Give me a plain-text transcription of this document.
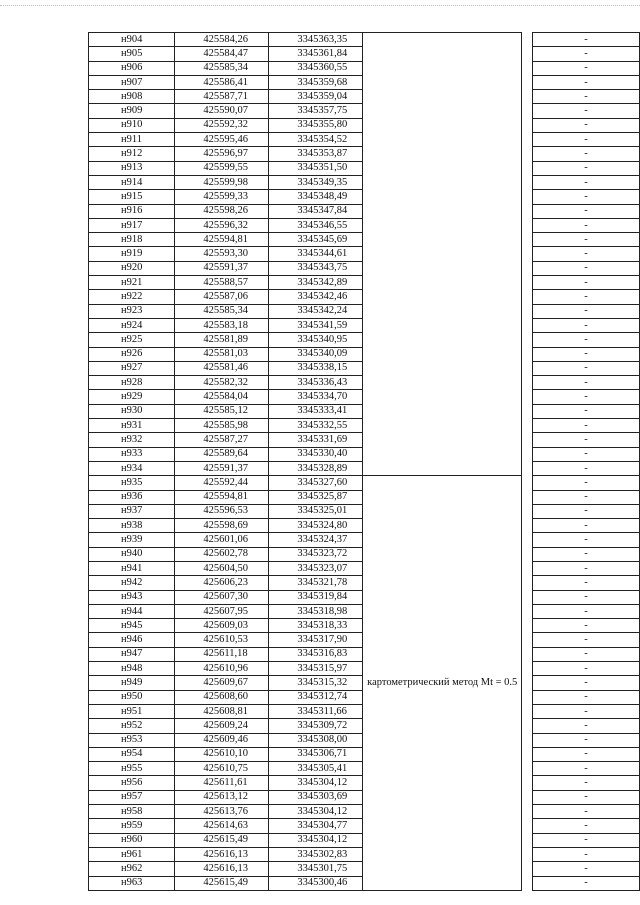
н904	425584,26	3345363,35			-
н905	425584,47	3345361,84			-
н906	425585,34	3345360,55			-
н907	425586,41	3345359,68			-
н908	425587,71	3345359,04			-
н909	425590,07	3345357,75			-
н910	425592,32	3345355,80			-
н911	425595,46	3345354,52			-
н912	425596,97	3345353,87			-
н913	425599,55	3345351,50			-
н914	425599,98	3345349,35			-
н915	425599,33	3345348,49			-
н916	425598,26	3345347,84			-
н917	425596,32	3345346,55			-
н918	425594,81	3345345,69			-
н919	425593,30	3345344,61			-
н920	425591,37	3345343,75			-
н921	425588,57	3345342,89			-
н922	425587,06	3345342,46			-
н923	425585,34	3345342,24			-
н924	425583,18	3345341,59			-
н925	425581,89	3345340,95			-
н926	425581,03	3345340,09			-
н927	425581,46	3345338,15			-
н928	425582,32	3345336,43			-
н929	425584,04	3345334,70			-
н930	425585,12	3345333,41			-
н931	425585,98	3345332,55			-
н932	425587,27	3345331,69			-
н933	425589,64	3345330,40			-
н934	425591,37	3345328,89			-
н935	425592,44	3345327,60	картометрический метод Mt = 0.5		-
н936	425594,81	3345325,87			-
н937	425596,53	3345325,01			-
н938	425598,69	3345324,80			-
н939	425601,06	3345324,37			-
н940	425602,78	3345323,72			-
н941	425604,50	3345323,07			-
н942	425606,23	3345321,78			-
н943	425607,30	3345319,84			-
н944	425607,95	3345318,98			-
н945	425609,03	3345318,33			-
н946	425610,53	3345317,90			-
н947	425611,18	3345316,83			-
н948	425610,96	3345315,97			-
н949	425609,67	3345315,32			-
н950	425608,60	3345312,74			-
н951	425608,81	3345311,66			-
н952	425609,24	3345309,72			-
н953	425609,46	3345308,00			-
н954	425610,10	3345306,71			-
н955	425610,75	3345305,41			-
н956	425611,61	3345304,12			-
н957	425613,12	3345303,69			-
н958	425613,76	3345304,12			-
н959	425614,63	3345304,77			-
н960	425615,49	3345304,12			-
н961	425616,13	3345302,83			-
н962	425616,13	3345301,75			-
н963	425615,49	3345300,46			-
